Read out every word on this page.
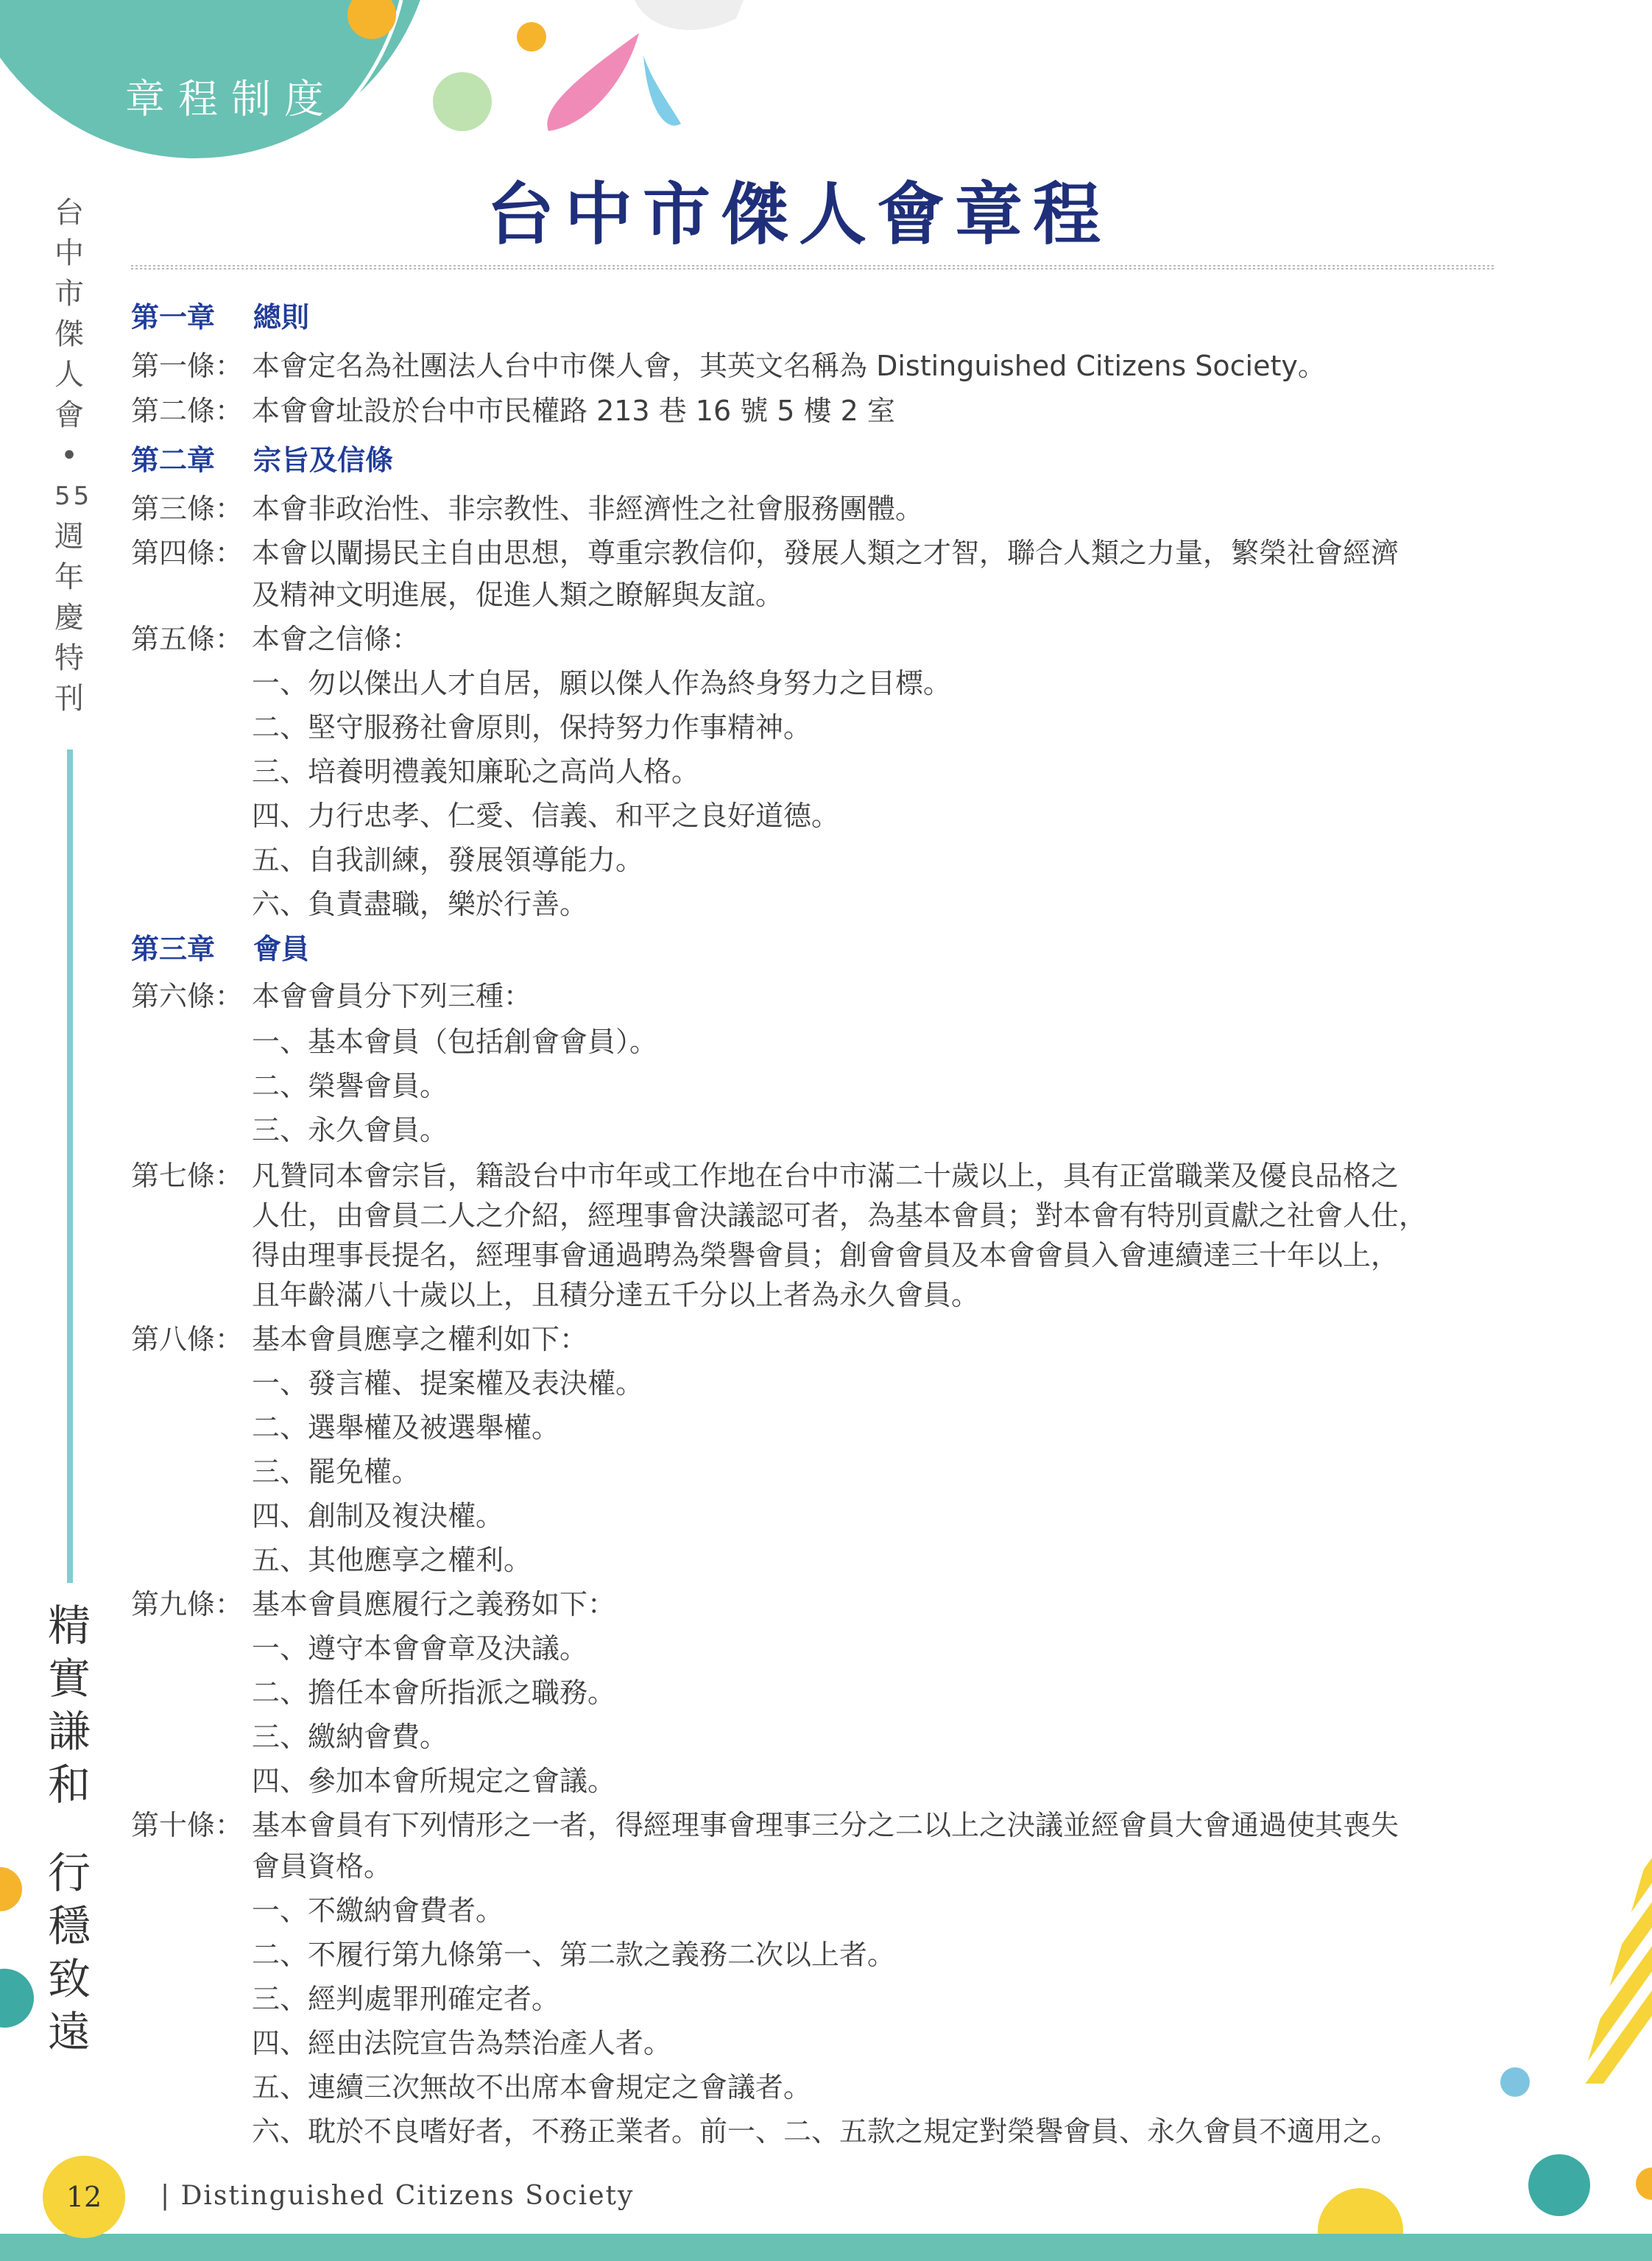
章程制度
台中市傑人會章程
台
中
市
傑
人
會
•
55
週
年
慶
特
刊
精
實
謙
和
行
穩
致
遠
第一章 總則
第一條： 本會定名為社團法人台中市傑人會，其英文名稱為 Distinguished Citizens Society。
第二條： 本會會址設於台中市民權路 213 巷 16 號 5 樓 2 室
第二章 宗旨及信條
第三條： 本會非政治性、非宗教性、非經濟性之社會服務團體。
第四條： 本會以闡揚民主自由思想，尊重宗教信仰，發展人類之才智，聯合人類之力量，繁榮社會經濟
及精神文明進展，促進人類之瞭解與友誼。
第五條： 本會之信條：
一、勿以傑出人才自居，願以傑人作為終身努力之目標。
二、堅守服務社會原則，保持努力作事精神。
三、培養明禮義知廉恥之高尚人格。
四、力行忠孝、仁愛、信義、和平之良好道德。
五、自我訓練，發展領導能力。
六、負責盡職，樂於行善。
第三章 會員
第六條： 本會會員分下列三種：
一、基本會員（包括創會會員）。
二、榮譽會員。
三、永久會員。
第七條： 凡贊同本會宗旨，籍設台中市年或工作地在台中市滿二十歲以上，具有正當職業及優良品格之
人仕，由會員二人之介紹，經理事會決議認可者，為基本會員；對本會有特別貢獻之社會人仕，
得由理事長提名，經理事會通過聘為榮譽會員；創會會員及本會會員入會連續達三十年以上，
且年齡滿八十歲以上，且積分達五千分以上者為永久會員。
第八條： 基本會員應享之權利如下：
一、發言權、提案權及表決權。
二、選舉權及被選舉權。
三、罷免權。
四、創制及複決權。
五、其他應享之權利。
第九條： 基本會員應履行之義務如下：
一、遵守本會會章及決議。
二、擔任本會所指派之職務。
三、繳納會費。
四、參加本會所規定之會議。
第十條： 基本會員有下列情形之一者，得經理事會理事三分之二以上之決議並經會員大會通過使其喪失
會員資格。
一、不繳納會費者。
二、不履行第九條第一、第二款之義務二次以上者。
三、經判處罪刑確定者。
四、經由法院宣告為禁治產人者。
五、連續三次無故不出席本會規定之會議者。
六、耽於不良嗜好者，不務正業者。前一、二、五款之規定對榮譽會員、永久會員不適用之。
12	| Distinguished Citizens Society
